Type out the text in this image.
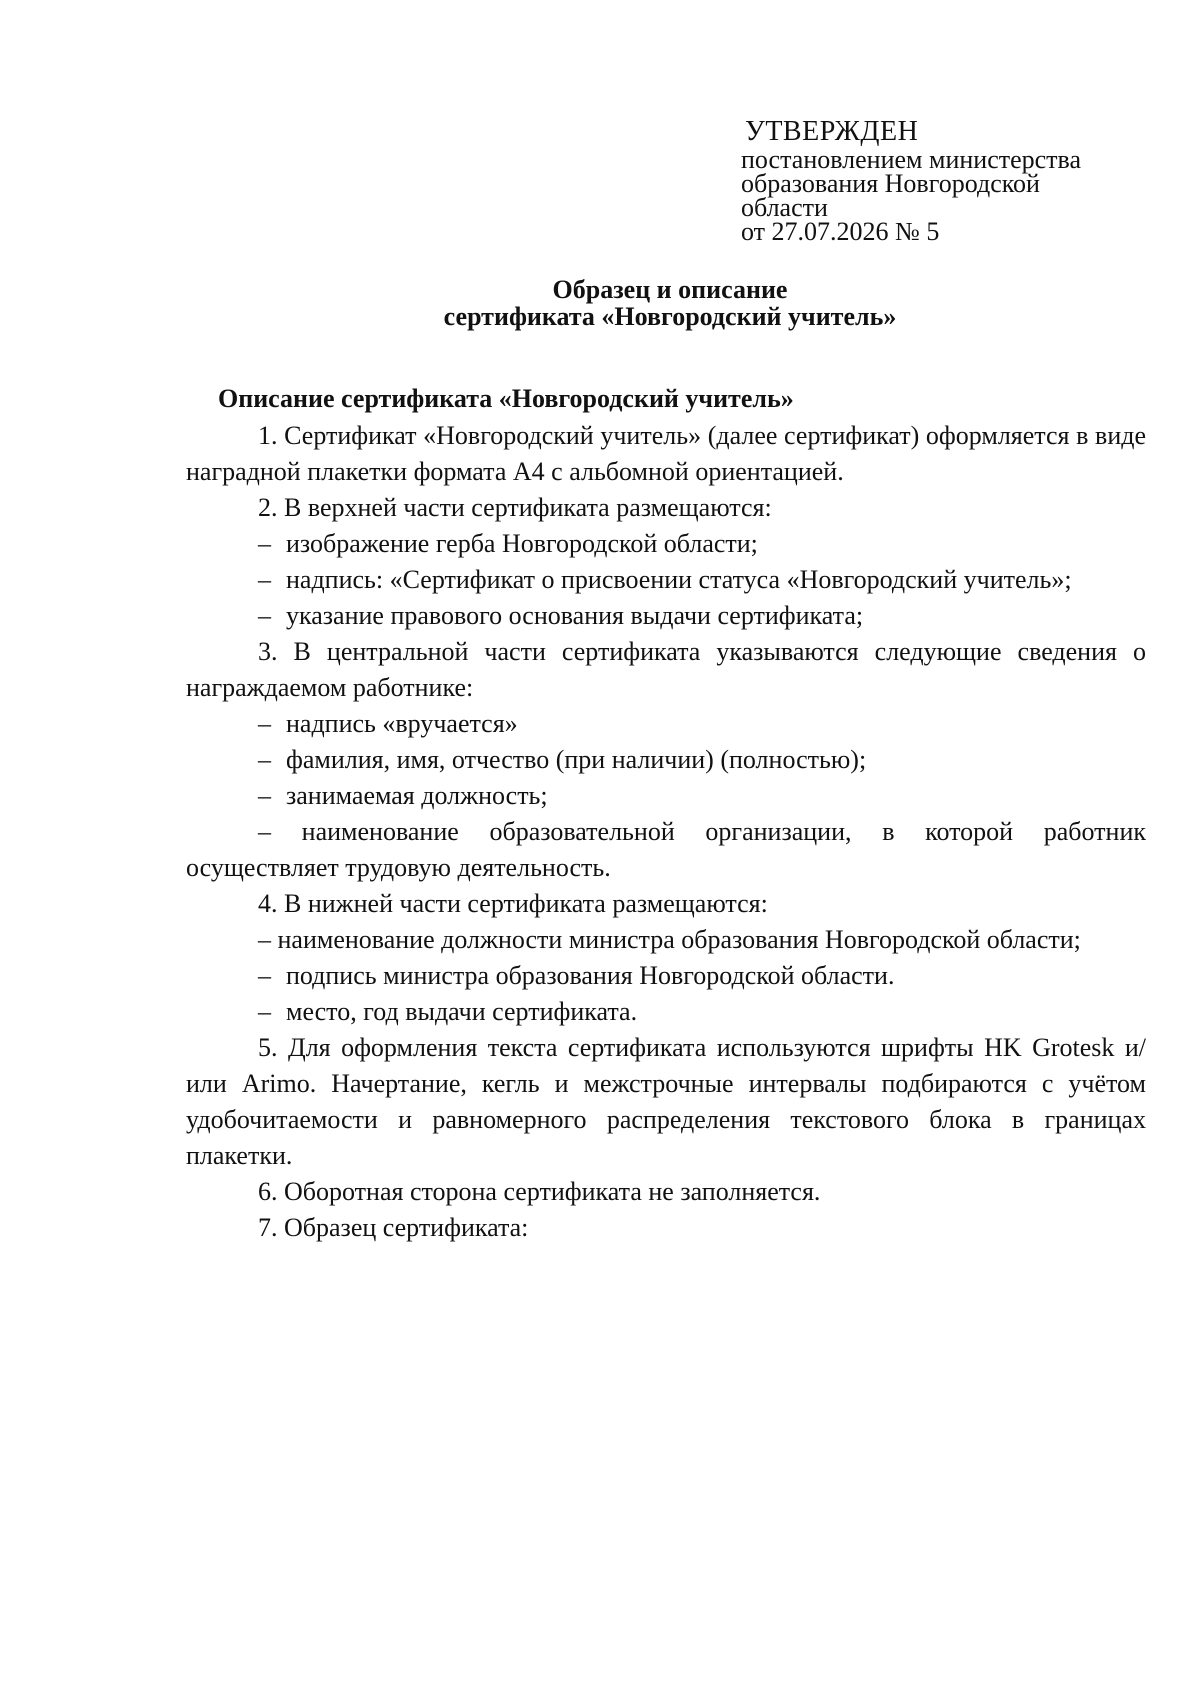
УТВЕРЖДЕН
постановлением министерства
образования Новгородской
области
от 27.07.2026 № 5
Образец и описание
сертификата «Новгородский учитель»

Описание сертификата «Новгородский учитель»

1. Сертификат «Новгородский учитель» (далее сертификат) оформляется в виде наградной плакетки формата А4 с альбомной ориентацией.

2. В верхней части сертификата размещаются:

– изображение герба Новгородской области;

– надпись: «Сертификат о присвоении статуса «Новгородский учитель»;

– указание правового основания выдачи сертификата;

3. В центральной части сертификата указываются следующие сведения о награждаемом работнике:

– надпись «вручается»

– фамилия, имя, отчество (при наличии) (полностью);

– занимаемая должность;

– наименование образовательной организации, в которой работник осуществляет трудовую деятельность.

4. В нижней части сертификата размещаются:

– наименование должности министра образования Новгородской области;

– подпись министра образования Новгородской области.

– место, год выдачи сертификата.

5. Для оформления текста сертификата используются шрифты HK Grotesk и/или Arimo. Начертание, кегль и межстрочные интервалы подбираются с учётом удобочитаемости и равномерного распределения текстового блока в границах плакетки.

6. Оборотная сторона сертификата не заполняется.

7. Образец сертификата:
